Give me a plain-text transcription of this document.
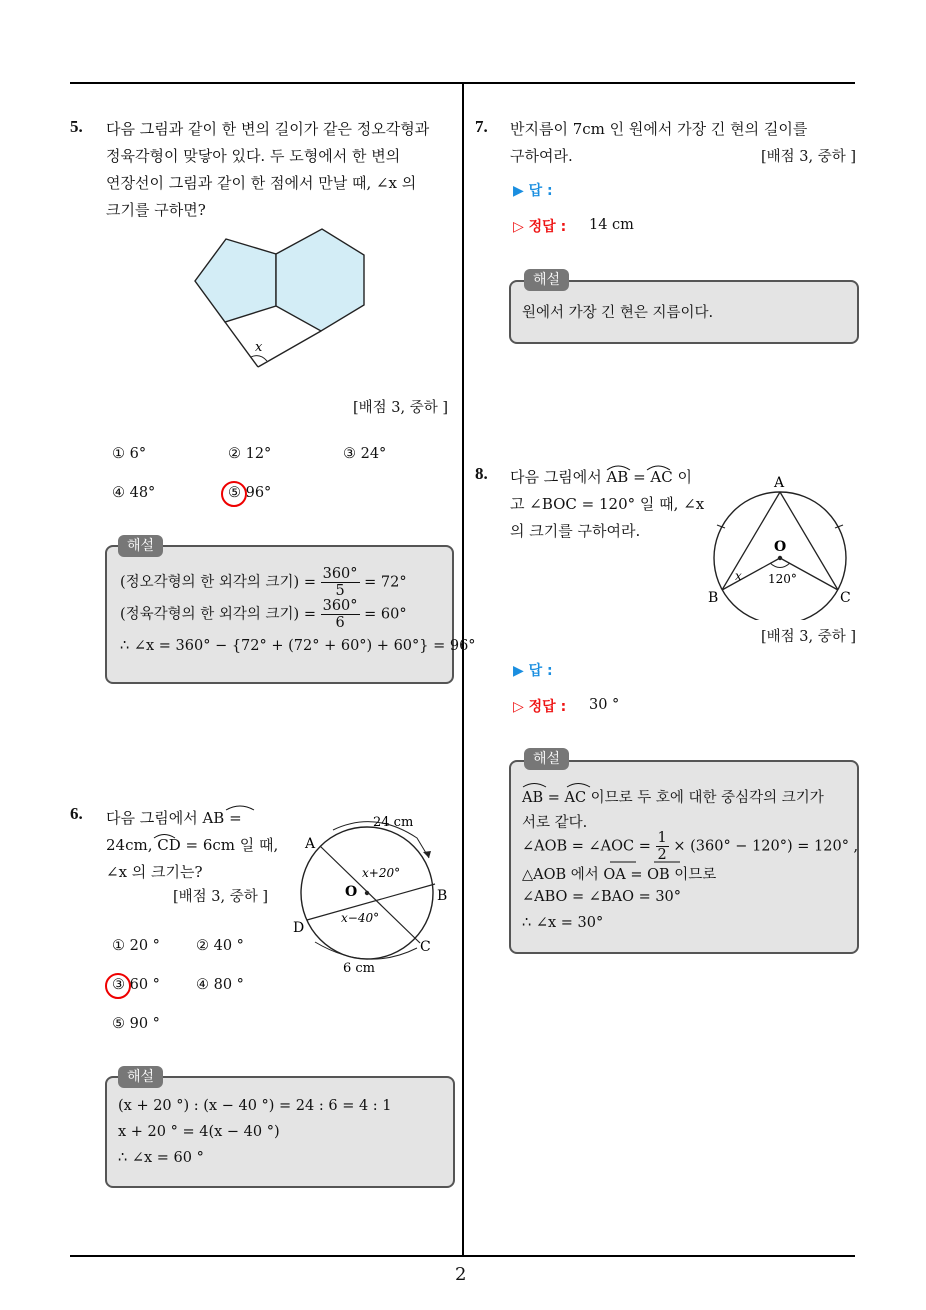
2
5. 다음 그림과 같이 한 변의 길이가 같은 정오각형과
정육각형이 맞닿아 있다. 두 도형에서 한 변의
연장선이 그림과 같이 한 점에서 만날 때, ∠x 의
크기를 구하면?
x
[배점 3, 중하 ]
① 6°	② 12°	③ 24°
④ 48°	⑤ 96°
해설
(정오각형의 한 외각의 크기) = $\frac{360^\circ}{5} = 72^\circ$
(정육각형의 한 외각의 크기) = $\frac{360^\circ}{6} = 60^\circ$
∴ ∠x = 360° − {72° + (72° + 60°) + 60°} = 96°
6. 다음 그림에서 AB =
24cm, CD = 6cm 일 때,
∠x 의 크기는?
[배점 3, 중하 ]
24 cm
6 cm
A
B
C
D
O
x+20°
x−40°
① 20 ° ② 40 °
③ 60 ° ④ 80 °
⑤ 90 °
해설
(x + 20 °) : (x − 40 °) = 24 : 6 = 4 : 1
x + 20 ° = 4(x − 40 °)
∴ ∠x = 60 °
7. 반지름이 7cm 인 원에서 가장 긴 현의 길이를
구하여라.	[배점 3, 중하 ]
▶ 답 :
▷ 정답 : 14 cm
해설
원에서 가장 긴 현은 지름이다.
8. 다음 그림에서 AB = AC 이
고 ∠BOC = 120° 일 때, ∠x
의 크기를 구하여라.
A
O
B	C
x 120°
[배점 3, 중하 ]
▶ 답 :
▷ 정답 : 30 °
해설
AB = AC 이므로 두 호에 대한 중심각의 크기가
서로 같다.
∠AOB = ∠AOC = $\frac{1}{2} \times (360^\circ - 120^\circ) = 120^\circ$ ,
△AOB 에서 OA = OB 이므로
∠ABO = ∠BAO = 30°
∴ ∠x = 30°
